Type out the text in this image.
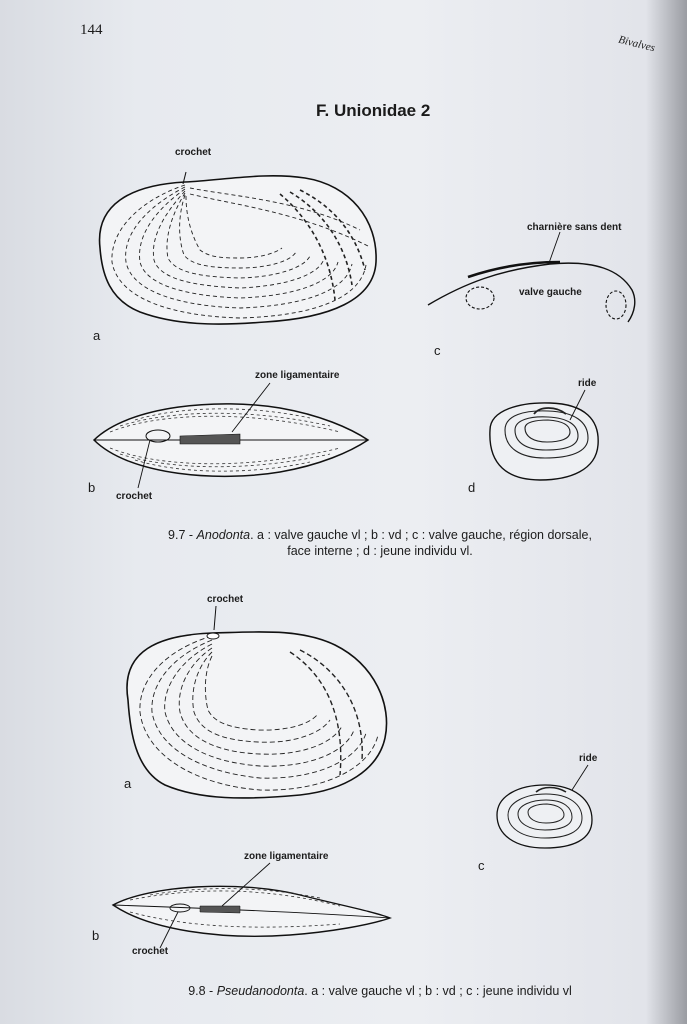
144
Bivalves
F. Unionidae 2
crochet
a
charnière sans dent
valve gauche
c
zone ligamentaire
ride
b
crochet
d
9.7 - Anodonta. a : valve gauche vl ; b : vd ; c : valve gauche, région dorsale,
face interne ; d : jeune individu vl.
crochet
a
ride
c
zone ligamentaire
b
crochet
9.8 - Pseudanodonta. a : valve gauche vl ; b : vd ; c : jeune individu vl
